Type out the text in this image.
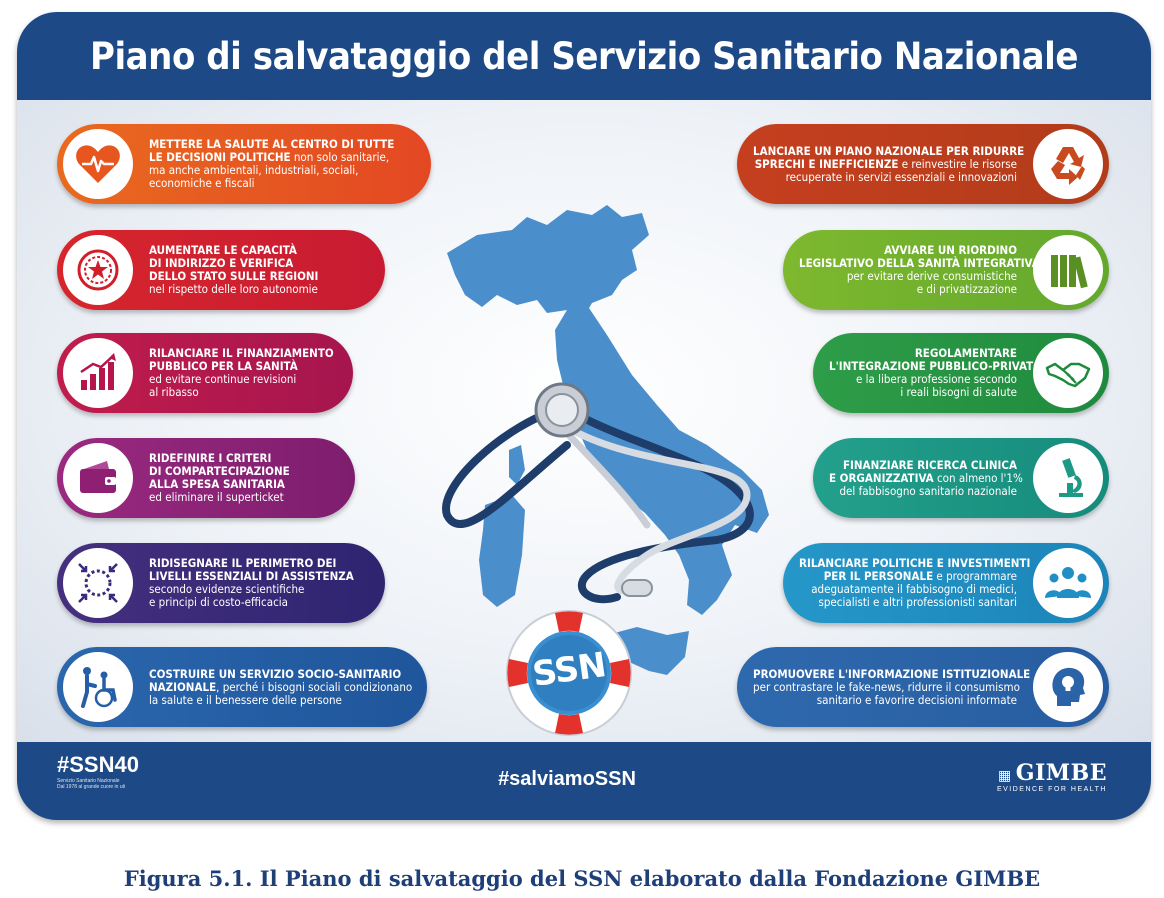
Piano di salvataggio del Servizio Sanitario Nazionale
METTERE LA SALUTE AL CENTRO DI TUTTE
LE DECISIONI POLITICHE non solo sanitarie,
ma anche ambientali, industriali, sociali,
economiche e fiscali
AUMENTARE LE CAPACITÀ
DI INDIRIZZO E VERIFICA
DELLO STATO SULLE REGIONI
nel rispetto delle loro autonomie
RILANCIARE IL FINANZIAMENTO
PUBBLICO PER LA SANITÀ
ed evitare continue revisioni
al ribasso
RIDEFINIRE I CRITERI
DI COMPARTECIPAZIONE
ALLA SPESA SANITARIA
ed eliminare il superticket
RIDISEGNARE IL PERIMETRO DEI
LIVELLI ESSENZIALI DI ASSISTENZA
secondo evidenze scientifiche
e principi di costo-efficacia
COSTRUIRE UN SERVIZIO SOCIO-SANITARIO
NAZIONALE, perché i bisogni sociali condizionano
la salute e il benessere delle persone
LANCIARE UN PIANO NAZIONALE PER RIDURRE
SPRECHI E INEFFICIENZE e reinvestire le risorse
recuperate in servizi essenziali e innovazioni
AVVIARE UN RIORDINO
LEGISLATIVO DELLA SANITÀ INTEGRATIVA
per evitare derive consumistiche
e di privatizzazione
REGOLAMENTARE
L'INTEGRAZIONE PUBBLICO-PRIVATO
e la libera professione secondo
i reali bisogni di salute
FINANZIARE RICERCA CLINICA
E ORGANIZZATIVA con almeno l'1%
del fabbisogno sanitario nazionale
RILANCIARE POLITICHE E INVESTIMENTI
PER IL PERSONALE e programmare
adeguatamente il fabbisogno di medici,
specialisti e altri professionisti sanitari
PROMUOVERE L'INFORMAZIONE ISTITUZIONALE
per contrastare le fake-news, ridurre il consumismo
sanitario e favorire decisioni informate
#SSN40
Servizio Sanitario Nazionale
Dal 1978 al grande cuore in uti
▦ GIMBE
EVIDENCE FOR HEALTH
SSN
#salviamoSSN
Figura 5.1. Il Piano di salvataggio del SSN elaborato dalla Fondazione GIMBE
